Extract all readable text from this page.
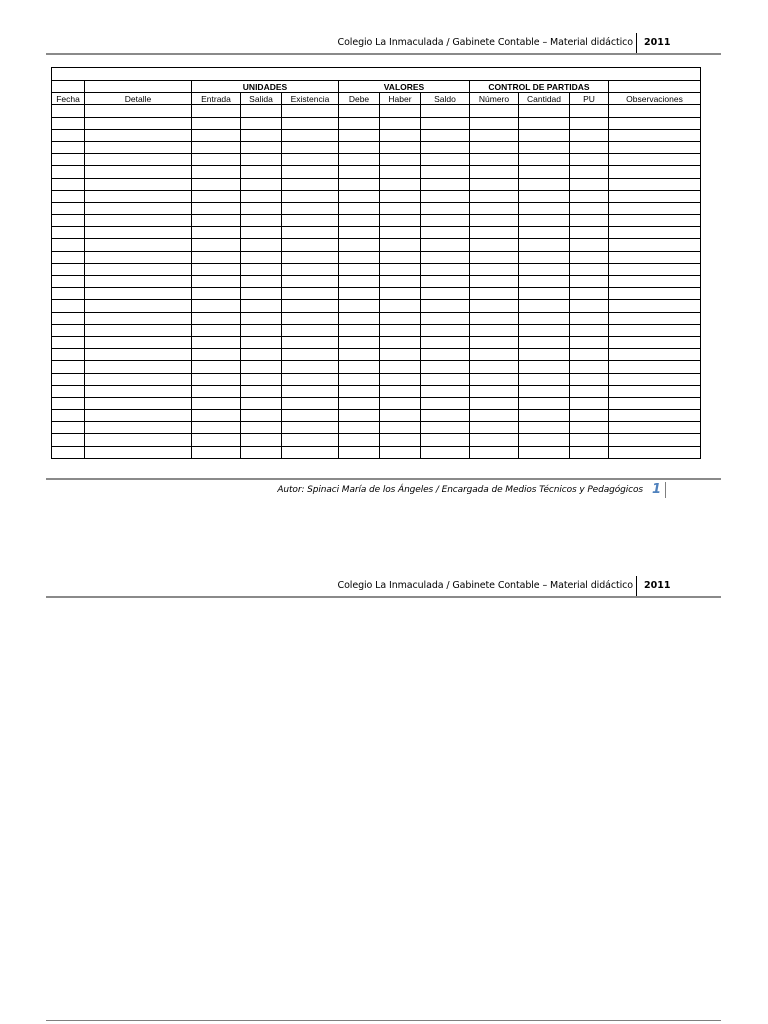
Colegio La Inmaculada / Gabinete Contable – Material didáctico 2011

		UNIDADES			VALORES			CONTROL DE PARTIDAS			
Fecha	Detalle	Entrada	Salida	Existencia	Debe	Haber	Saldo	Número	Cantidad	PU	Observaciones

Autor: Spinaci María de los Ángeles / Encargada de Medios Técnicos y Pedagógicos 1
Colegio La Inmaculada / Gabinete Contable – Material didáctico 2011
